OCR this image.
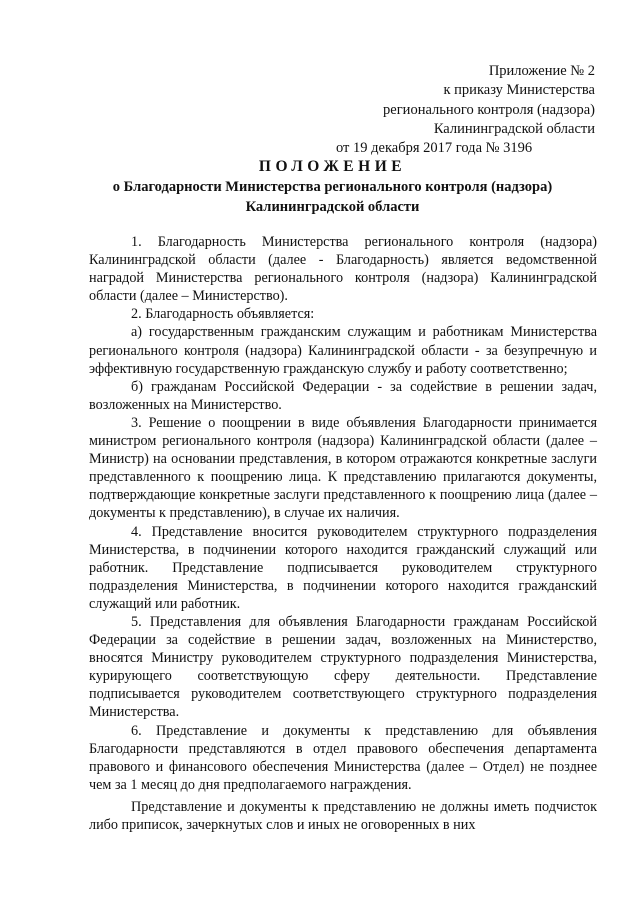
Приложение № 2
к приказу Министерства
регионального контроля (надзора)
Калининградской области
от 19 декабря 2017 года № 3196
ПОЛОЖЕНИЕ
о Благодарности Министерства регионального контроля (надзора)
Калининградской области

1. Благодарность Министерства регионального контроля (надзора) Калининградской области (далее - Благодарность) является ведомственной наградой Министерства регионального контроля (надзора) Калининградской области (далее – Министерство).

2. Благодарность объявляется:

а) государственным гражданским служащим и работникам Министерства регионального контроля (надзора) Калининградской области - за безупречную и эффективную государственную гражданскую службу и работу соответственно;

б) гражданам Российской Федерации - за содействие в решении задач, возложенных на Министерство.

3. Решение о поощрении в виде объявления Благодарности принимается министром регионального контроля (надзора) Калининградской области (далее – Министр) на основании представления, в котором отражаются конкретные заслуги представленного к поощрению лица. К представлению прилагаются документы, подтверждающие конкретные заслуги представленного к поощрению лица (далее – документы к представлению), в случае их наличия.

4. Представление вносится руководителем структурного подразделения Министерства, в подчинении которого находится гражданский служащий или работник. Представление подписывается руководителем структурного подразделения Министерства, в подчинении которого находится гражданский служащий или работник.

5. Представления для объявления Благодарности гражданам Российской Федерации за содействие в решении задач, возложенных на Министерство, вносятся Министру руководителем структурного подразделения Министерства, курирующего соответствующую сферу деятельности. Представление подписывается руководителем соответствующего структурного подразделения Министерства.

6. Представление и документы к представлению для объявления Благодарности представляются в отдел правового обеспечения департамента правового и финансового обеспечения Министерства (далее – Отдел) не позднее чем за 1 месяц до дня предполагаемого награждения.

Представление и документы к представлению не должны иметь подчисток либо приписок, зачеркнутых слов и иных не оговоренных в них
